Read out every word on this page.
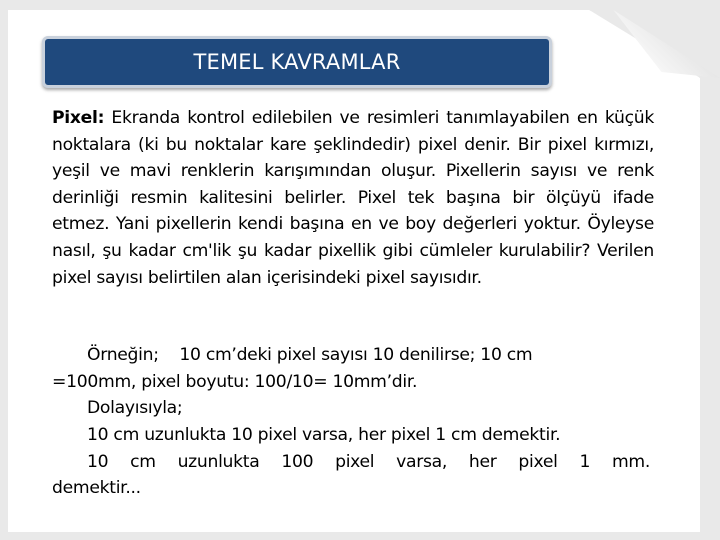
TEMEL KAVRAMLAR
Pixel: Ekranda kontrol edilebilen ve resimleri tanımlayabilen en küçük noktalara (ki bu noktalar kare şeklindedir) pixel denir. Bir pixel kırmızı, yeşil ve mavi renklerin karışımından oluşur. Pixellerin sayısı ve renk derinliği resmin kalitesini belirler. Pixel tek başına bir ölçüyü ifade etmez. Yani pixellerin kendi başına en ve boy değerleri yoktur. Öyleyse nasıl, şu kadar cm'lik şu kadar pixellik gibi cümleler kurulabilir? Verilen pixel sayısı belirtilen alan içerisindeki pixel sayısıdır.
Örneğin;    10 cm’deki pixel sayısı 10 denilirse; 10 cm
=100mm, pixel boyutu: 100/10= 10mm’dir.
Dolayısıyla;
10 cm uzunlukta 10 pixel varsa, her pixel 1 cm demektir.
10 cm uzunlukta 100 pixel varsa, her pixel 1 mm.
demektir...
